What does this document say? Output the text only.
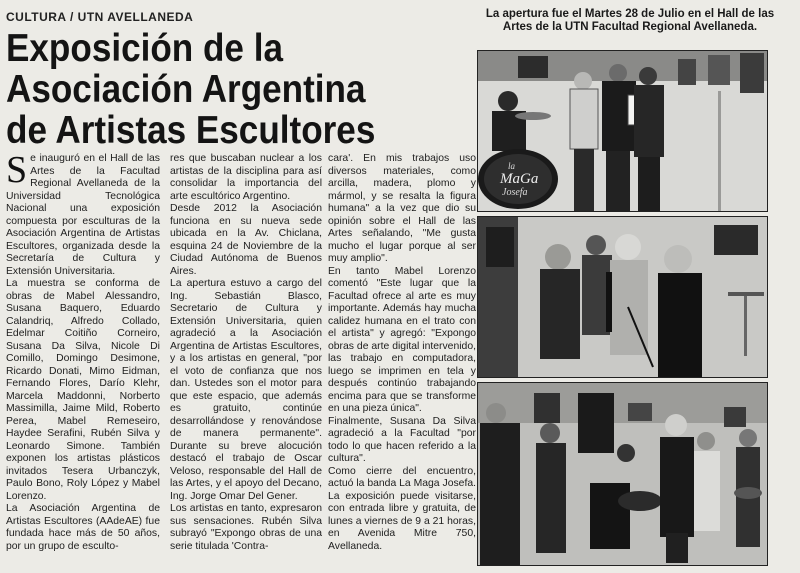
CULTURA / UTN AVELLANEDA
Exposición de la
Asociación Argentina
de Artistas Escultores
La apertura fue el Martes 28 de Julio en el Hall de las Artes de la UTN Facultad Regional Avellaneda.

Se inauguró en el Hall de las Artes de la Facultad Regional Avellaneda de la Universidad Tecnológica Nacional una exposición compuesta por esculturas de la Asociación Argentina de Artistas Escultores, organizada desde la Secretaría de Cultura y Extensión Universitaria.

La muestra se conforma de obras de Mabel Alessandro, Susana Baquero, Eduardo Calandriq, Alfredo Collado, Edelmar Coitiño Corneiro, Susana Da Silva, Nicole Di Comillo, Domingo Desimone, Ricardo Donati, Mimo Eidman, Fernando Flores, Darío Klehr, Marcela Maddonni, Norberto Massimilla, Jaime Mild, Roberto Perea, Mabel Remeseiro, Haydee Serafini, Rubén Silva y Leonardo Simone. También exponen los artistas plásticos invitados Tesera Urbanczyk, Paulo Bono, Roly López y Mabel Lorenzo.

La Asociación Argentina de Artistas Escultores (AAdeAE) fue fundada hace más de 50 años, por un grupo de esculto-

res que buscaban nuclear a los artistas de la disciplina para así consolidar la importancia del arte escultórico Argentino.

Desde 2012 la Asociación funciona en su nueva sede ubicada en la Av. Chiclana, esquina 24 de Noviembre de la Ciudad Autónoma de Buenos Aires.

La apertura estuvo a cargo del Ing. Sebastián Blasco, Secretario de Cultura y Extensión Universitaria, quien agradeció a la Asociación Argentina de Artistas Escultores, y a los artistas en general, "por el voto de confianza que nos dan. Ustedes son el motor para que este espacio, que además es gratuito, continúe desarrollándose y renovándose de manera permanente". Durante su breve alocución destacó el trabajo de Oscar Veloso, responsable del Hall de las Artes, y el apoyo del Decano, Ing. Jorge Omar Del Gener.

Los artistas en tanto, expresaron sus sensaciones. Rubén Silva subrayó "Expongo obras de una serie titulada 'Contra-

cara'. En mis trabajos uso diversos materiales, como arcilla, madera, plomo y mármol, y se resalta la figura humana" a la vez que dio su opinión sobre el Hall de las Artes señalando, "Me gusta mucho el lugar porque al ser muy amplio".

En tanto Mabel Lorenzo comentó "Este lugar que la Facultad ofrece al arte es muy importante. Además hay mucha calidez humana en el trato con el artista" y agregó: "Expongo obras de arte digital intervenido, las trabajo en computadora, luego se imprimen en tela y después continúo trabajando encima para que se transforme en una pieza única".

Finalmente, Susana Da Silva agradeció a la Facultad "por todo lo que hacen referido a la cultura".

Como cierre del encuentro, actuó la banda La Maga Josefa. La exposición puede visitarse, con entrada libre y gratuita, de lunes a viernes de 9 a 21 horas, en Avenida Mitre 750, Avellaneda.

la
MaGa
Josefa
